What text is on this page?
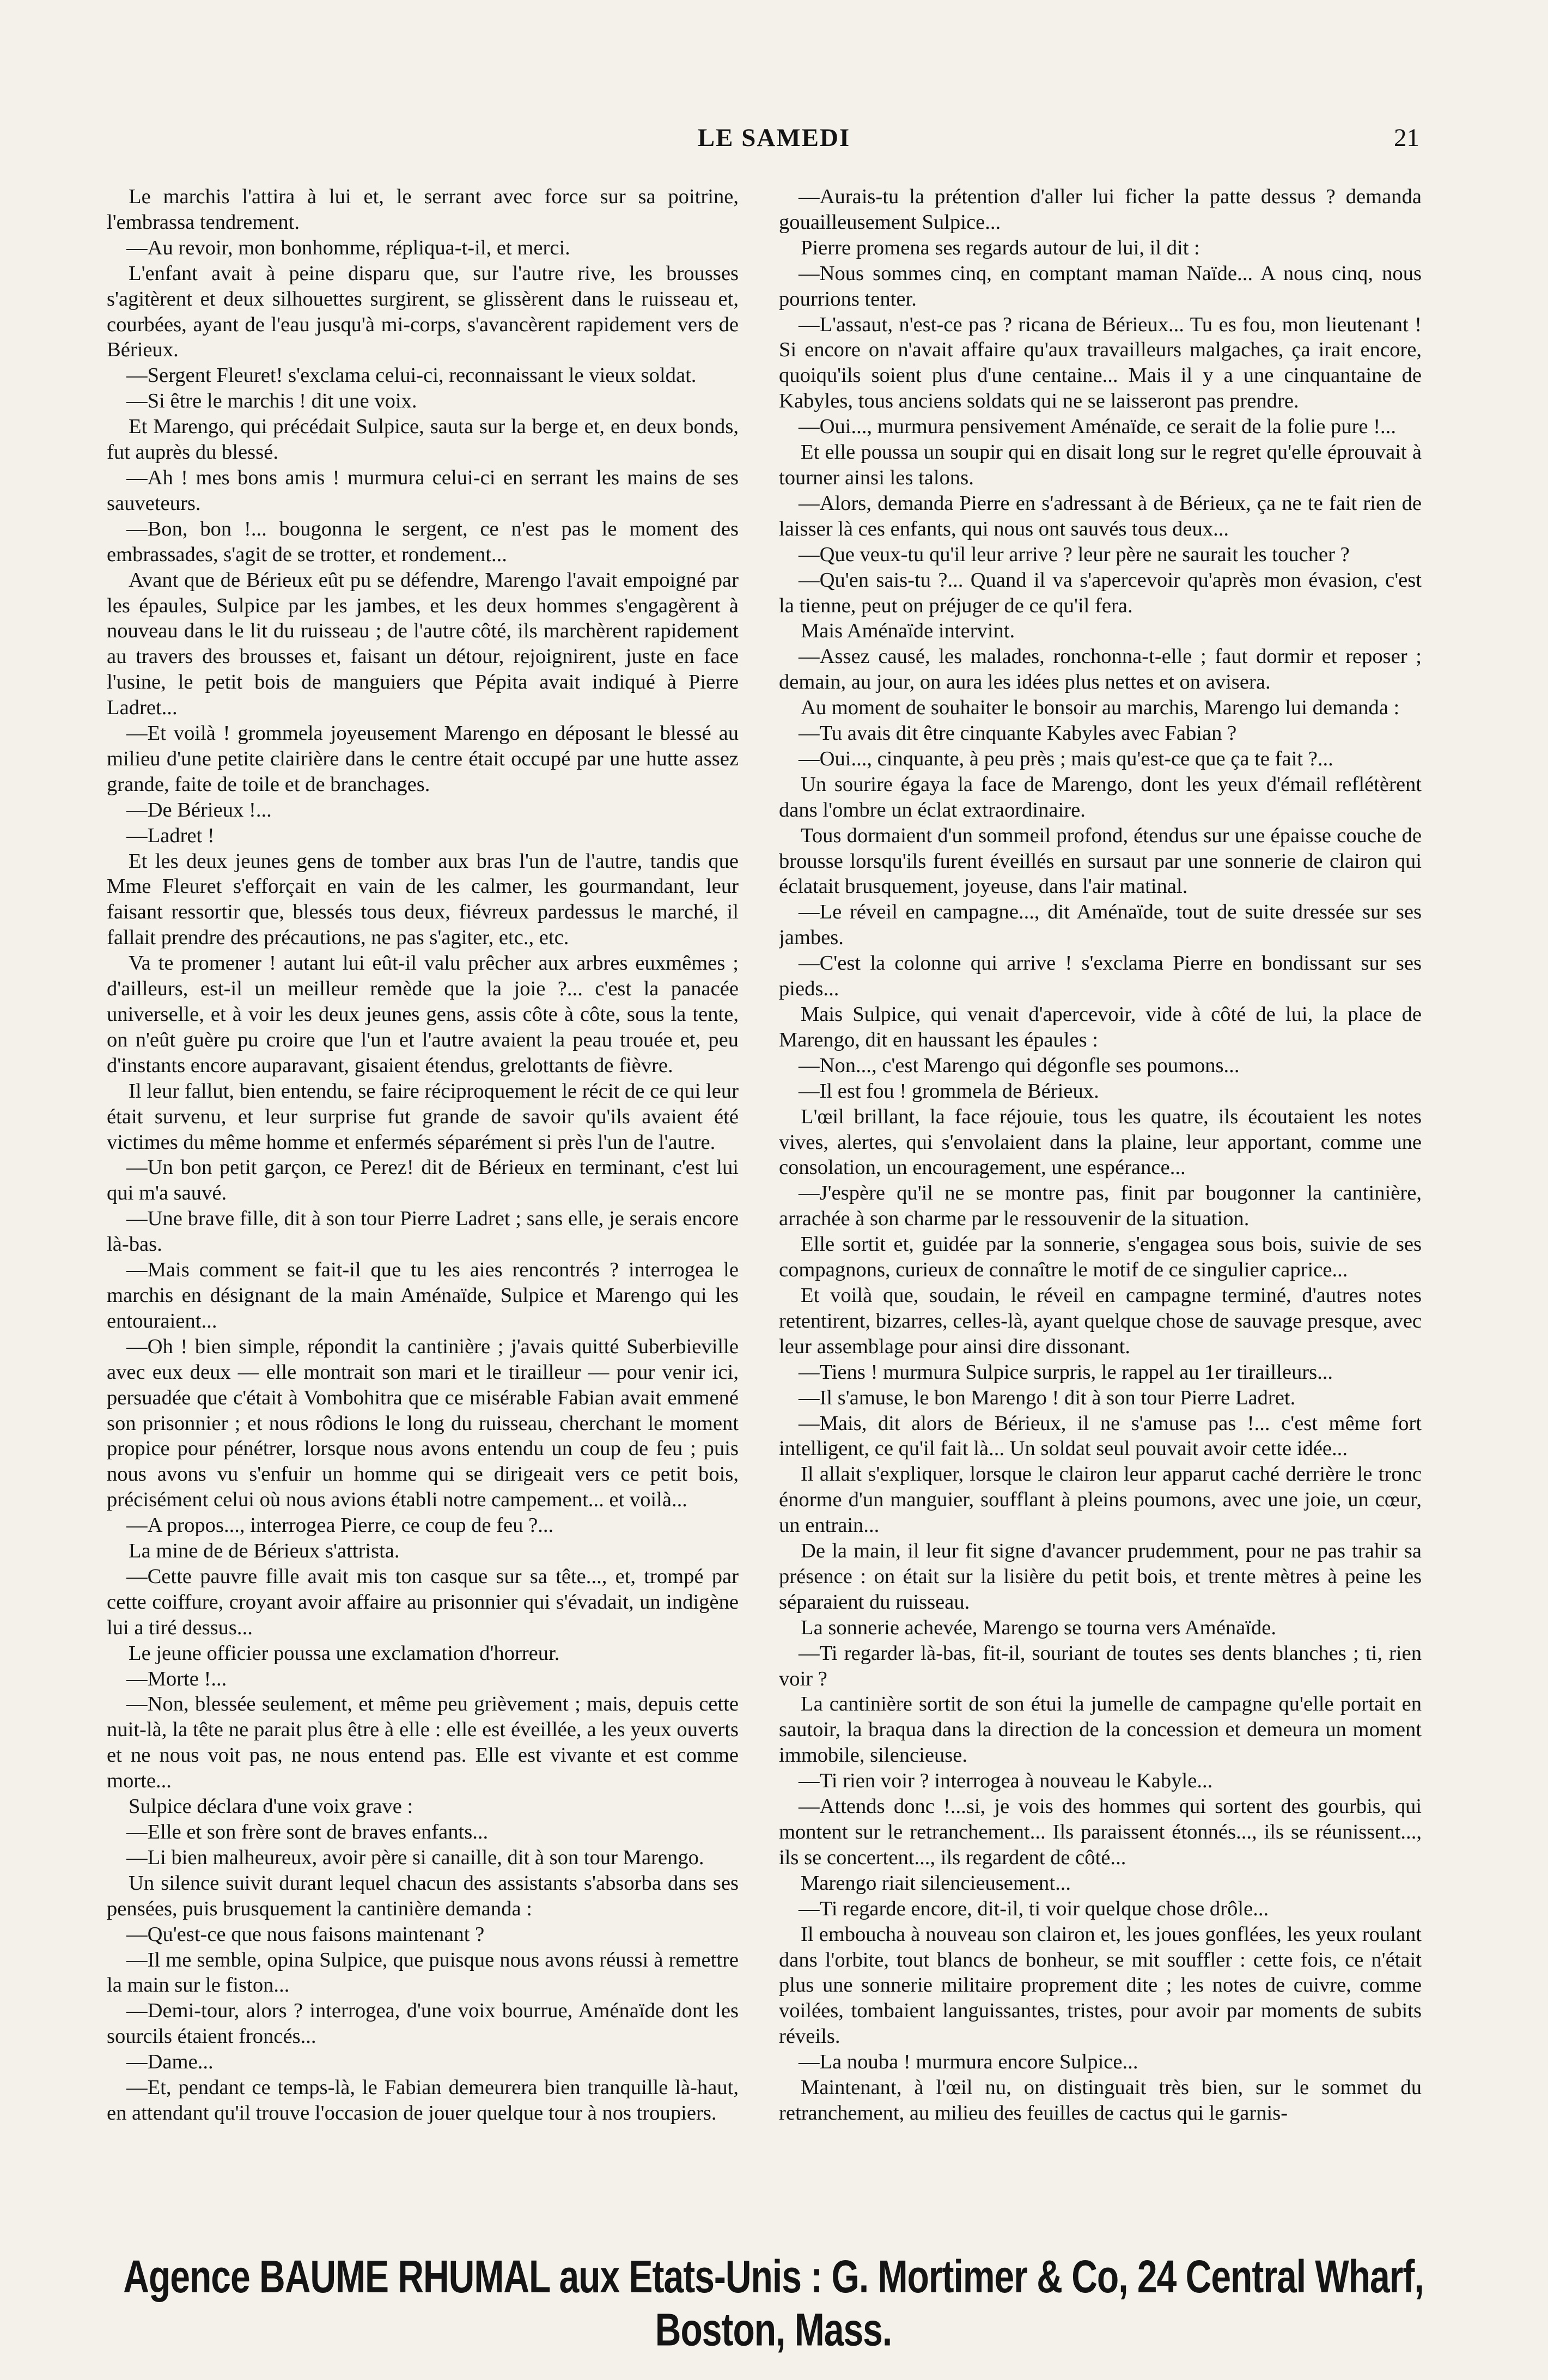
LE SAMEDI	21

Le marchis l'attira à lui et, le serrant avec force sur sa poitrine, l'embrassa tendrement.

—Au revoir, mon bonhomme, répliqua-t-il, et merci.

L'enfant avait à peine disparu que, sur l'autre rive, les brousses s'agitèrent et deux silhouettes surgirent, se glissèrent dans le ruisseau et, courbées, ayant de l'eau jusqu'à mi-corps, s'avancèrent rapidement vers de Bérieux.

—Sergent Fleuret! s'exclama celui-ci, reconnaissant le vieux soldat.

—Si être le marchis ! dit une voix.

Et Marengo, qui précédait Sulpice, sauta sur la berge et, en deux bonds, fut auprès du blessé.

—Ah ! mes bons amis ! murmura celui-ci en serrant les mains de ses sauveteurs.

—Bon, bon !... bougonna le sergent, ce n'est pas le moment des embrassades, s'agit de se trotter, et rondement...

Avant que de Bérieux eût pu se défendre, Marengo l'avait empoigné par les épaules, Sulpice par les jambes, et les deux hommes s'engagèrent à nouveau dans le lit du ruisseau ; de l'autre côté, ils marchèrent rapidement au travers des brousses et, faisant un détour, rejoignirent, juste en face l'usine, le petit bois de manguiers que Pépita avait indiqué à Pierre Ladret...

—Et voilà ! grommela joyeusement Marengo en déposant le blessé au milieu d'une petite clairière dans le centre était occupé par une hutte assez grande, faite de toile et de branchages.

—De Bérieux !...

—Ladret !

Et les deux jeunes gens de tomber aux bras l'un de l'autre, tandis que Mme Fleuret s'efforçait en vain de les calmer, les gourmandant, leur faisant ressortir que, blessés tous deux, fiévreux pardessus le marché, il fallait prendre des précautions, ne pas s'agiter, etc., etc.

Va te promener ! autant lui eût-il valu prêcher aux arbres euxmêmes ; d'ailleurs, est-il un meilleur remède que la joie ?... c'est la panacée universelle, et à voir les deux jeunes gens, assis côte à côte, sous la tente, on n'eût guère pu croire que l'un et l'autre avaient la peau trouée et, peu d'instants encore auparavant, gisaient étendus, grelottants de fièvre.

Il leur fallut, bien entendu, se faire réciproquement le récit de ce qui leur était survenu, et leur surprise fut grande de savoir qu'ils avaient été victimes du même homme et enfermés séparément si près l'un de l'autre.

—Un bon petit garçon, ce Perez! dit de Bérieux en terminant, c'est lui qui m'a sauvé.

—Une brave fille, dit à son tour Pierre Ladret ; sans elle, je serais encore là-bas.

—Mais comment se fait-il que tu les aies rencontrés ? interrogea le marchis en désignant de la main Aménaïde, Sulpice et Marengo qui les entouraient...

—Oh ! bien simple, répondit la cantinière ; j'avais quitté Suberbieville avec eux deux — elle montrait son mari et le tirailleur — pour venir ici, persuadée que c'était à Vombohitra que ce misérable Fabian avait emmené son prisonnier ; et nous rôdions le long du ruisseau, cherchant le moment propice pour pénétrer, lorsque nous avons entendu un coup de feu ; puis nous avons vu s'enfuir un homme qui se dirigeait vers ce petit bois, précisément celui où nous avions établi notre campement... et voilà...

—A propos..., interrogea Pierre, ce coup de feu ?...

La mine de de Bérieux s'attrista.

—Cette pauvre fille avait mis ton casque sur sa tête..., et, trompé par cette coiffure, croyant avoir affaire au prisonnier qui s'évadait, un indigène lui a tiré dessus...

Le jeune officier poussa une exclamation d'horreur.

—Morte !...

—Non, blessée seulement, et même peu grièvement ; mais, depuis cette nuit-là, la tête ne parait plus être à elle : elle est éveillée, a les yeux ouverts et ne nous voit pas, ne nous entend pas. Elle est vivante et est comme morte...

Sulpice déclara d'une voix grave :

—Elle et son frère sont de braves enfants...

—Li bien malheureux, avoir père si canaille, dit à son tour Marengo.

Un silence suivit durant lequel chacun des assistants s'absorba dans ses pensées, puis brusquement la cantinière demanda :

—Qu'est-ce que nous faisons maintenant ?

—Il me semble, opina Sulpice, que puisque nous avons réussi à remettre la main sur le fiston...

—Demi-tour, alors ? interrogea, d'une voix bourrue, Aménaïde dont les sourcils étaient froncés...

—Dame...

—Et, pendant ce temps-là, le Fabian demeurera bien tranquille là-haut, en attendant qu'il trouve l'occasion de jouer quelque tour à nos troupiers.

—Aurais-tu la prétention d'aller lui ficher la patte dessus ? demanda gouailleusement Sulpice...

Pierre promena ses regards autour de lui, il dit :

—Nous sommes cinq, en comptant maman Naïde... A nous cinq, nous pourrions tenter.

—L'assaut, n'est-ce pas ? ricana de Bérieux... Tu es fou, mon lieutenant ! Si encore on n'avait affaire qu'aux travailleurs malgaches, ça irait encore, quoiqu'ils soient plus d'une centaine... Mais il y a une cinquantaine de Kabyles, tous anciens soldats qui ne se laisseront pas prendre.

—Oui..., murmura pensivement Aménaïde, ce serait de la folie pure !...

Et elle poussa un soupir qui en disait long sur le regret qu'elle éprouvait à tourner ainsi les talons.

—Alors, demanda Pierre en s'adressant à de Bérieux, ça ne te fait rien de laisser là ces enfants, qui nous ont sauvés tous deux...

—Que veux-tu qu'il leur arrive ? leur père ne saurait les toucher ?

—Qu'en sais-tu ?... Quand il va s'apercevoir qu'après mon évasion, c'est la tienne, peut on préjuger de ce qu'il fera.

Mais Aménaïde intervint.

—Assez causé, les malades, ronchonna-t-elle ; faut dormir et reposer ; demain, au jour, on aura les idées plus nettes et on avisera.

Au moment de souhaiter le bonsoir au marchis, Marengo lui demanda :

—Tu avais dit être cinquante Kabyles avec Fabian ?

—Oui..., cinquante, à peu près ; mais qu'est-ce que ça te fait ?...

Un sourire égaya la face de Marengo, dont les yeux d'émail reflétèrent dans l'ombre un éclat extraordinaire.

Tous dormaient d'un sommeil profond, étendus sur une épaisse couche de brousse lorsqu'ils furent éveillés en sursaut par une sonnerie de clairon qui éclatait brusquement, joyeuse, dans l'air matinal.

—Le réveil en campagne..., dit Aménaïde, tout de suite dressée sur ses jambes.

—C'est la colonne qui arrive ! s'exclama Pierre en bondissant sur ses pieds...

Mais Sulpice, qui venait d'apercevoir, vide à côté de lui, la place de Marengo, dit en haussant les épaules :

—Non..., c'est Marengo qui dégonfle ses poumons...

—Il est fou ! grommela de Bérieux.

L'œil brillant, la face réjouie, tous les quatre, ils écoutaient les notes vives, alertes, qui s'envolaient dans la plaine, leur apportant, comme une consolation, un encouragement, une espérance...

—J'espère qu'il ne se montre pas, finit par bougonner la cantinière, arrachée à son charme par le ressouvenir de la situation.

Elle sortit et, guidée par la sonnerie, s'engagea sous bois, suivie de ses compagnons, curieux de connaître le motif de ce singulier caprice...

Et voilà que, soudain, le réveil en campagne terminé, d'autres notes retentirent, bizarres, celles-là, ayant quelque chose de sauvage presque, avec leur assemblage pour ainsi dire dissonant.

—Tiens ! murmura Sulpice surpris, le rappel au 1er tirailleurs...

—Il s'amuse, le bon Marengo ! dit à son tour Pierre Ladret.

—Mais, dit alors de Bérieux, il ne s'amuse pas !... c'est même fort intelligent, ce qu'il fait là... Un soldat seul pouvait avoir cette idée...

Il allait s'expliquer, lorsque le clairon leur apparut caché derrière le tronc énorme d'un manguier, soufflant à pleins poumons, avec une joie, un cœur, un entrain...

De la main, il leur fit signe d'avancer prudemment, pour ne pas trahir sa présence : on était sur la lisière du petit bois, et trente mètres à peine les séparaient du ruisseau.

La sonnerie achevée, Marengo se tourna vers Aménaïde.

—Ti regarder là-bas, fit-il, souriant de toutes ses dents blanches ; ti, rien voir ?

La cantinière sortit de son étui la jumelle de campagne qu'elle portait en sautoir, la braqua dans la direction de la concession et demeura un moment immobile, silencieuse.

—Ti rien voir ? interrogea à nouveau le Kabyle...

—Attends donc !...si, je vois des hommes qui sortent des gourbis, qui montent sur le retranchement... Ils paraissent étonnés..., ils se réunissent..., ils se concertent..., ils regardent de côté...

Marengo riait silencieusement...

—Ti regarde encore, dit-il, ti voir quelque chose drôle...

Il emboucha à nouveau son clairon et, les joues gonflées, les yeux roulant dans l'orbite, tout blancs de bonheur, se mit souffler : cette fois, ce n'était plus une sonnerie militaire proprement dite ; les notes de cuivre, comme voilées, tombaient languissantes, tristes, pour avoir par moments de subits réveils.

—La nouba ! murmura encore Sulpice...

Maintenant, à l'œil nu, on distinguait très bien, sur le sommet du retranchement, au milieu des feuilles de cactus qui le garnis-

Agence BAUME RHUMAL aux Etats-Unis : G. Mortimer & Co, 24 Central Wharf, Boston, Mass.
